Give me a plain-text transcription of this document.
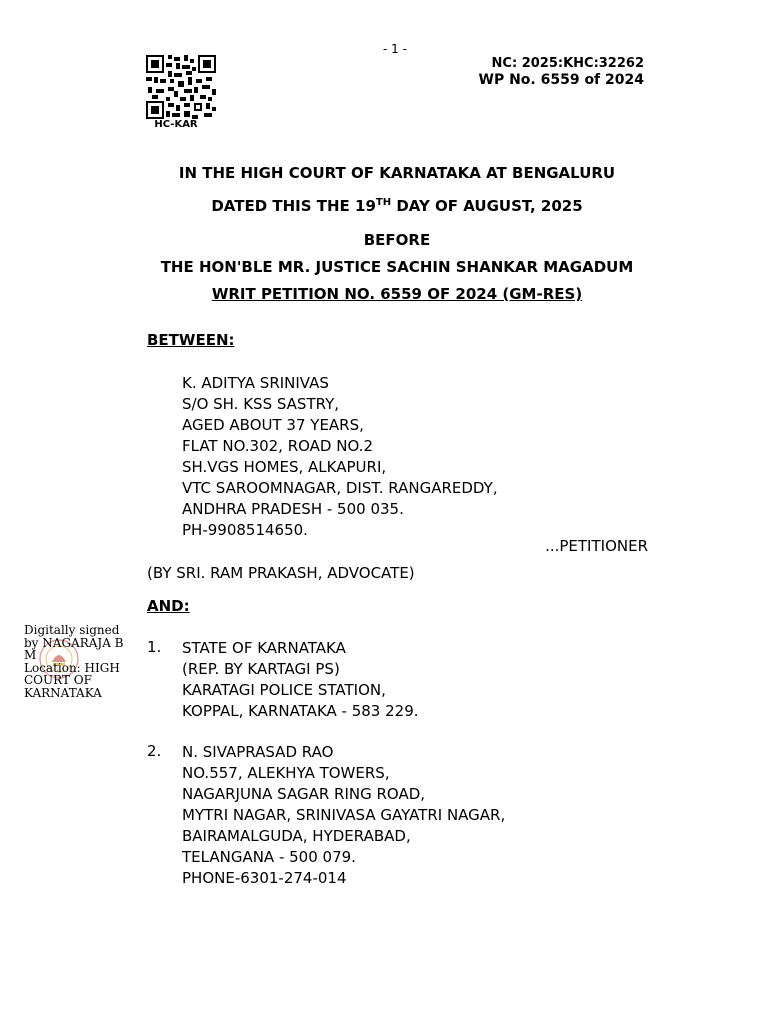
- 1 -
HC-KAR
NC: 2025:KHC:32262
WP No. 6559 of 2024
IN THE HIGH COURT OF KARNATAKA AT BENGALURU
DATED THIS THE 19TH DAY OF AUGUST, 2025
BEFORE
THE HON'BLE MR. JUSTICE SACHIN SHANKAR MAGADUM
WRIT PETITION NO. 6559 OF 2024 (GM-RES)
BETWEEN:
K. ADITYA SRINIVAS
S/O SH. KSS SASTRY,
AGED ABOUT 37 YEARS,
FLAT NO.302, ROAD NO.2
SH.VGS HOMES, ALKAPURI,
VTC SAROOMNAGAR, DIST. RANGAREDDY,
ANDHRA PRADESH - 500 035.
PH-9908514650.
...PETITIONER
(BY SRI. RAM PRAKASH, ADVOCATE)
AND:
1. STATE OF KARNATAKA
(REP. BY KARTAGI PS)
KARATAGI POLICE STATION,
KOPPAL, KARNATAKA - 583 229.
2. N. SIVAPRASAD RAO
NO.557, ALEKHYA TOWERS,
NAGARJUNA SAGAR RING ROAD,
MYTRI NAGAR, SRINIVASA GAYATRI NAGAR,
BAIRAMALGUDA, HYDERABAD,
TELANGANA - 500 079.
PHONE-6301-274-014
Digitally signed
by NAGARAJA B
M
Location: HIGH
COURT OF
KARNATAKA
